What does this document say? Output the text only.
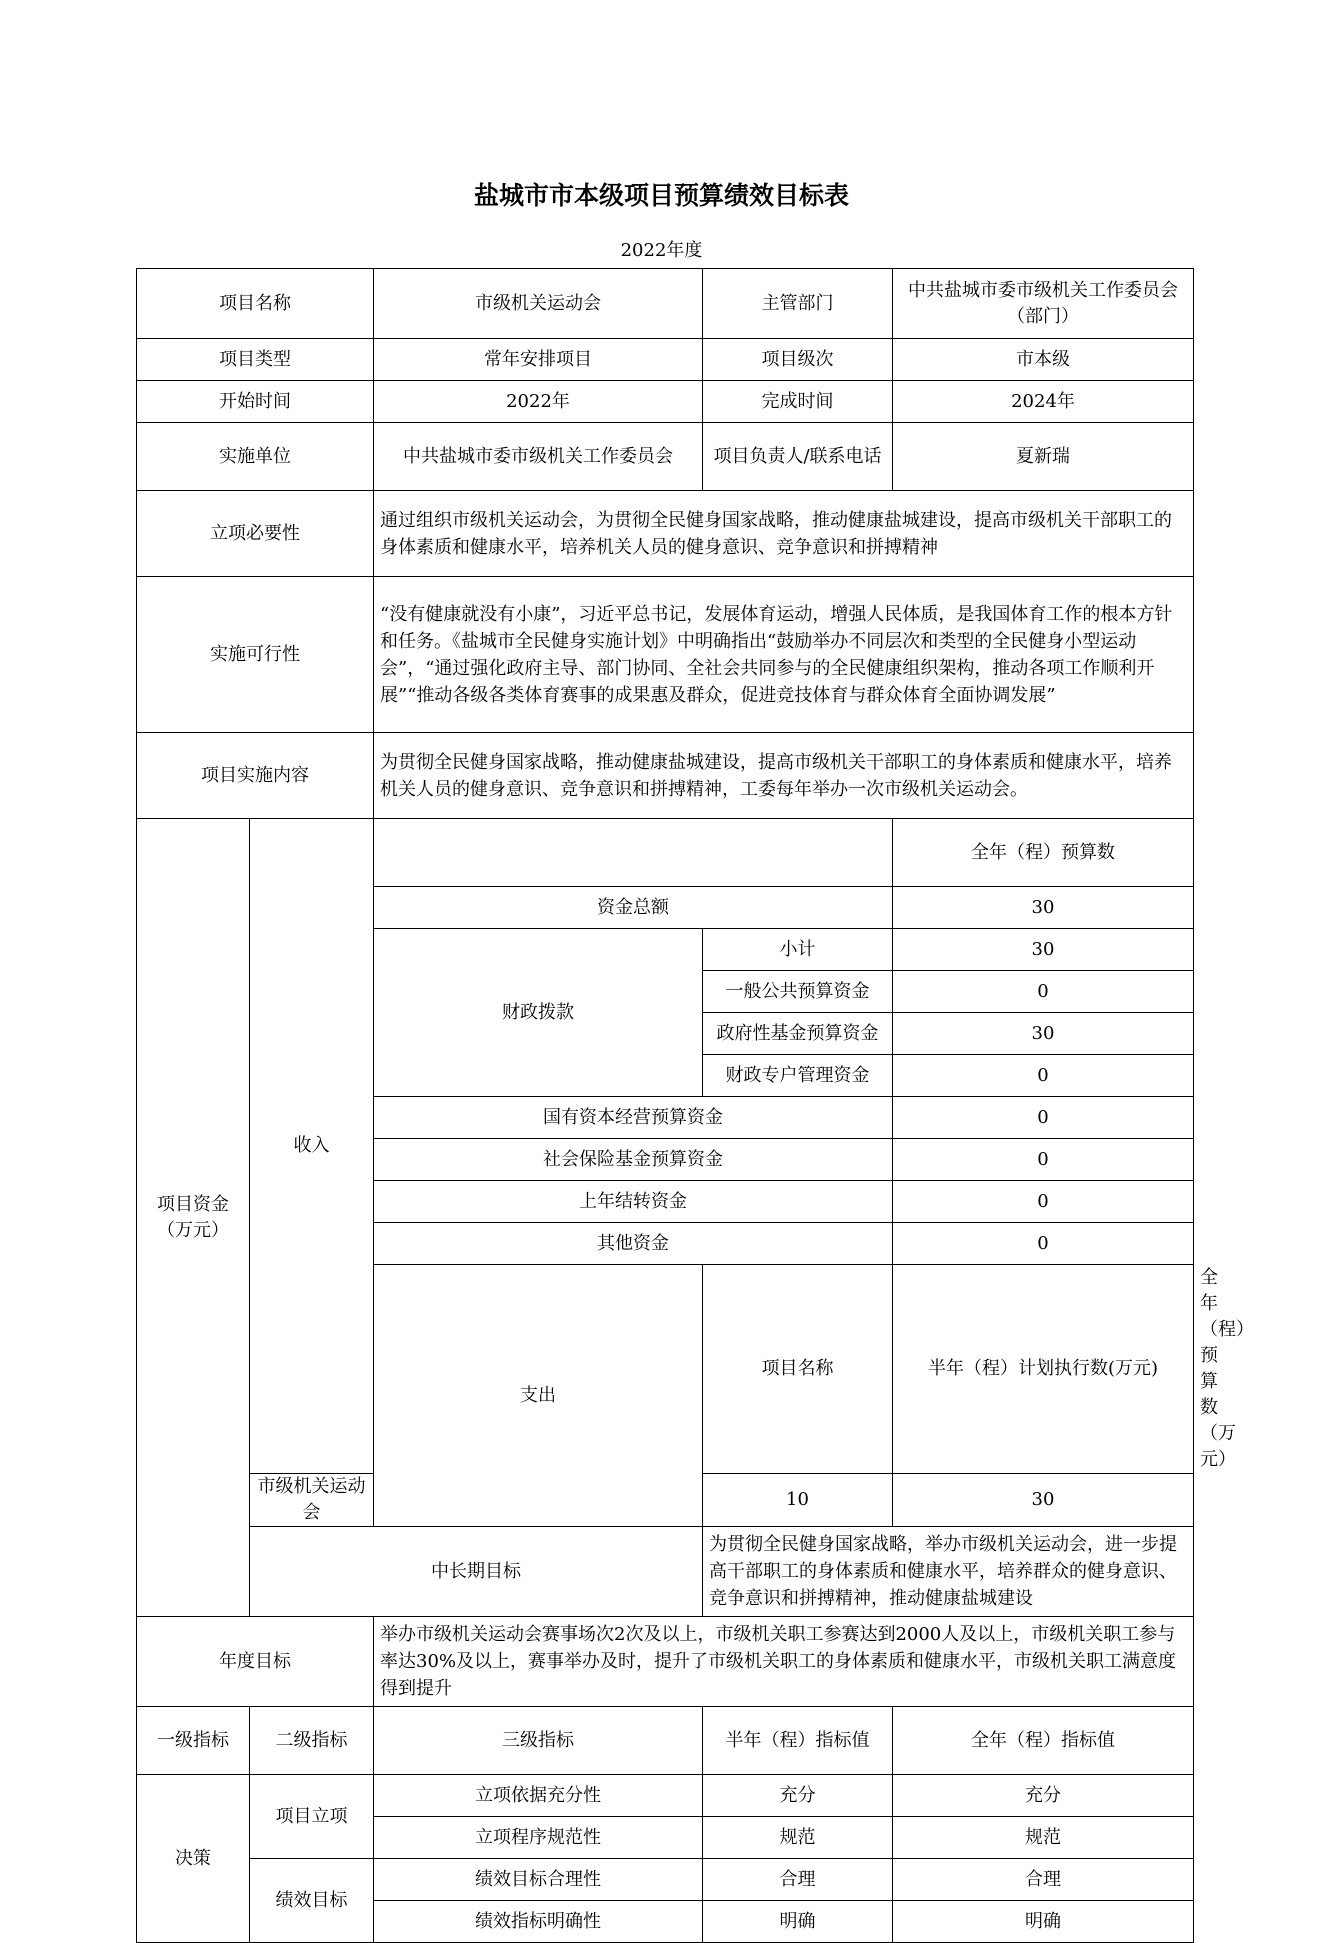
盐城市市本级项目预算绩效目标表
2022年度
项目名称		市级机关运动会	主管部门	中共盐城市委市级机关工作委员会（部门）	
项目类型		常年安排项目	项目级次	市本级	
开始时间		2022年	完成时间	2024年	
实施单位		中共盐城市委市级机关工作委员会	项目负责人/联系电话	夏新瑞	
立项必要性		通过组织市级机关运动会，为贯彻全民健身国家战略，推动健康盐城建设，提高市级机关干部职工的身体素质和健康水平，培养机关人员的健身意识、竞争意识和拼搏精神			
实施可行性		“没有健康就没有小康”，习近平总书记，发展体育运动，增强人民体质，是我国体育工作的根本方针和任务。《盐城市全民健身实施计划》中明确指出“鼓励举办不同层次和类型的全民健身小型运动会”，“通过强化政府主导、部门协同、全社会共同参与的全民健康组织架构，推动各项工作顺利开展”“推动各级各类体育赛事的成果惠及群众，促进竞技体育与群众体育全面协调发展”			
项目实施内容		为贯彻全民健身国家战略，推动健康盐城建设，提高市级机关干部职工的身体素质和健康水平，培养机关人员的健身意识、竞争意识和拼搏精神，工委每年举办一次市级机关运动会。			
项目资金（万元）	收入			全年（程）预算数	
		资金总额		30	
		财政拨款	小计	30	
			一般公共预算资金	0	
			政府性基金预算资金	30	
			财政专户管理资金	0	
		国有资本经营预算资金		0	
		社会保险基金预算资金		0	
		上年结转资金		0	
		其他资金		0	
		支出	项目名称	半年（程）计划执行数(万元)	全年（程）预算数（万元）
	市级机关运动会		10	30	
	中长期目标		为贯彻全民健身国家战略，举办市级机关运动会，进一步提高干部职工的身体素质和健康水平，培养群众的健身意识、竞争意识和拼搏精神，推动健康盐城建设		
年度目标		举办市级机关运动会赛事场次2次及以上，市级机关职工参赛达到2000人及以上，市级机关职工参与率达30%及以上，赛事举办及时，提升了市级机关职工的身体素质和健康水平，市级机关职工满意度得到提升			
一级指标	二级指标	三级指标	半年（程）指标值	全年（程）指标值	
决策	项目立项	立项依据充分性	充分	充分	
		立项程序规范性	规范	规范	
	绩效目标	绩效目标合理性	合理	合理	
		绩效指标明确性	明确	明确	
